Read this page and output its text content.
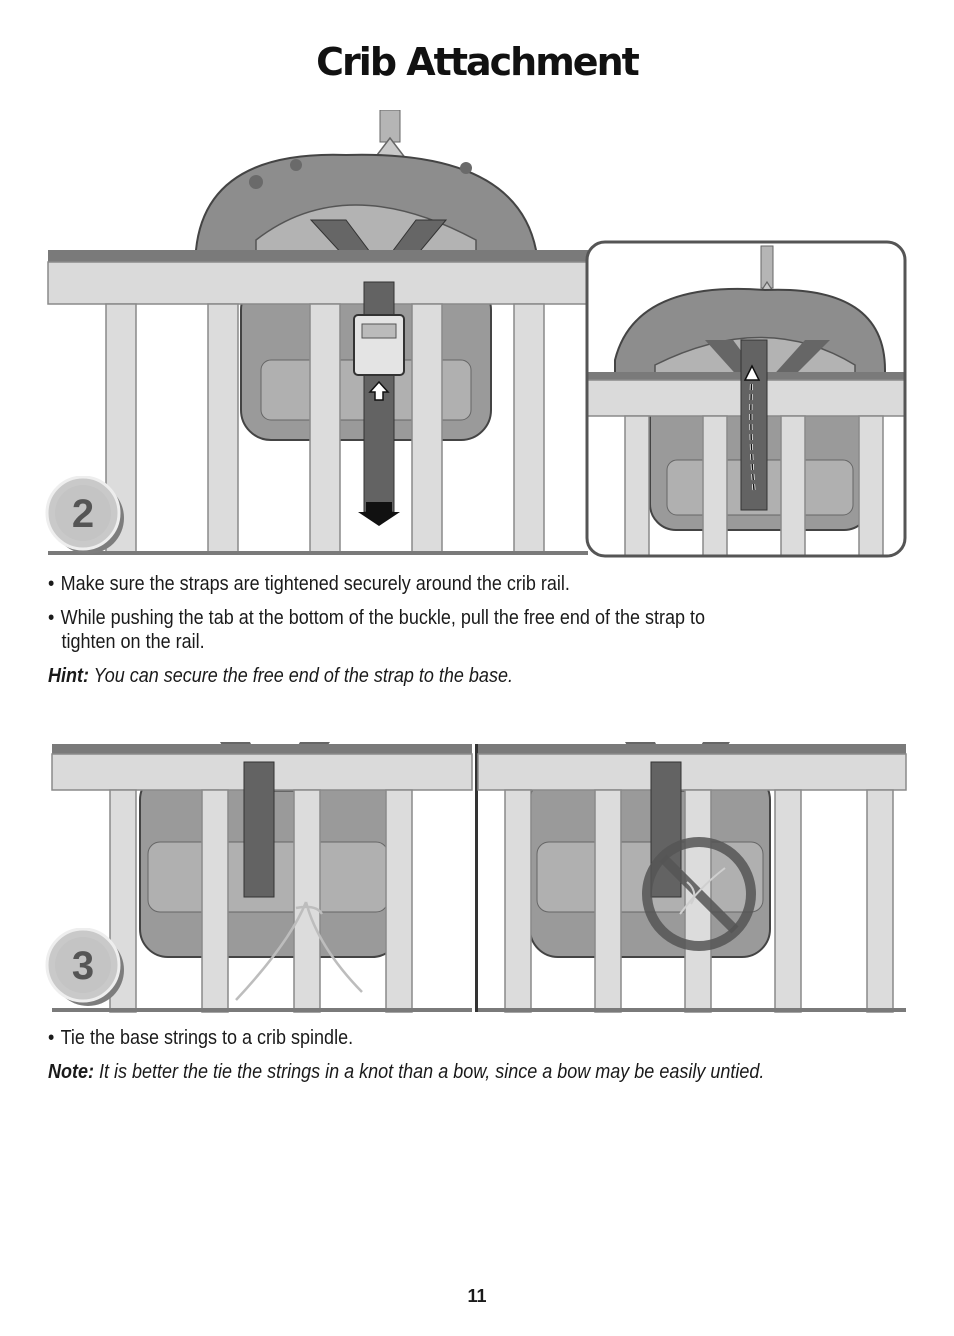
Crib Attachment
2
• Make sure the straps are tightened securely around the crib rail.
• While pushing the tab at the bottom of the buckle, pull the free end of the strap to
tighten on the rail.
Hint: You can secure the free end of the strap to the base.
3
• Tie the base strings to a crib spindle.
Note: It is better the tie the strings in a knot than a bow, since a bow may be easily untied.
11
